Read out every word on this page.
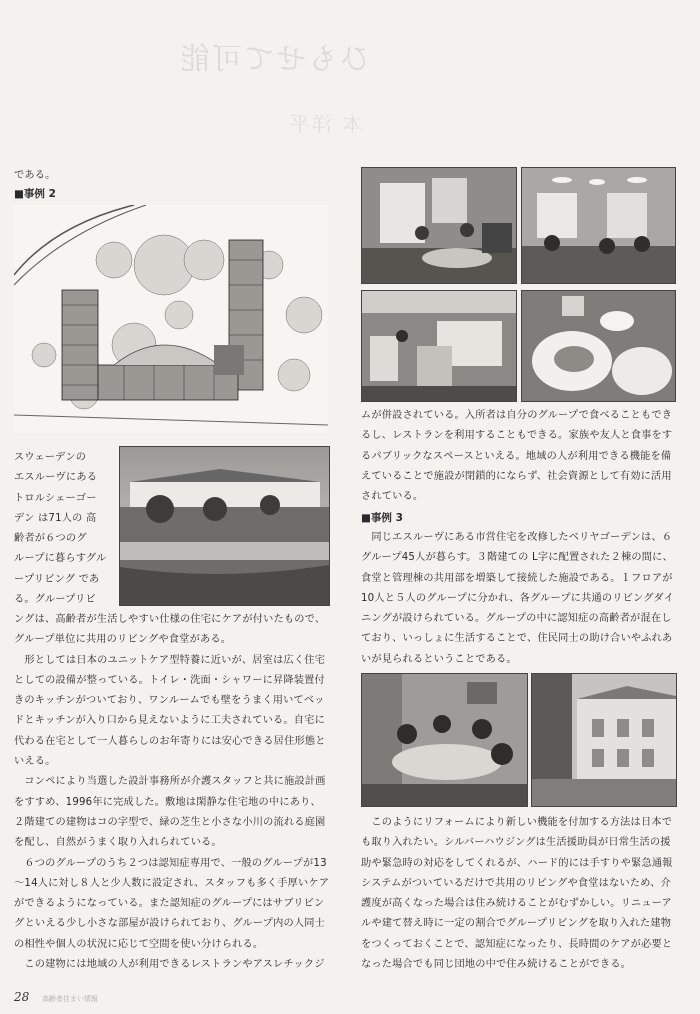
ひもせて可能
本 洋平
である。
■事例 2

スウェーデンの

エスルーヴにある

トロルシェーゴー

デン は71人の 高

齢者が６つのグ

ループに暮らすグル

ープリビング であ

る。グループリビ

ングは、高齢者が生活しやすい仕様の住宅にケアが付いたもので、

グループ単位に共用のリビングや食堂がある。

　形としては日本のユニットケア型特養に近いが、居室は広く住宅

としての設備が整っている。トイレ・洗面・シャワーに昇降装置付

きのキッチンがついており、ワンルームでも壁をうまく用いてベッ

ドとキッチンが入り口から見えないように工夫されている。自宅に

代わる在宅として一人暮らしのお年寄りには安心できる居住形態と

いえる。

　コンペにより当選した設計事務所が介護スタッフと共に施設計画

をすすめ、1996年に完成した。敷地は閑静な住宅地の中にあり、

２階建ての建物はコの字型で、緑の芝生と小さな小川の流れる庭園

を配し、自然がうまく取り入れられている。

　６つのグループのうち２つは認知症専用で、一般のグループが13

～14人に対し８人と少人数に設定され、スタッフも多く手厚いケア

ができるようになっている。また認知症のグループにはサブリビン

グといえる少し小さな部屋が設けられており、グループ内の人同士

の相性や個人の状況に応じて空間を使い分けられる。

　この建物には地域の人が利用できるレストランやアスレチックジ

ムが併設されている。入所者は自分のグループで食べることもでき

るし、レストランを利用することもできる。家族や友人と食事をす

るパブリックなスペースといえる。地域の人が利用できる機能を備

えていることで施設が閉鎖的にならず、社会資源として有効に活用

されている。

■事例 3

　同じエスルーヴにある市営住宅を改修したベリヤゴーデンは、６

グループ45人が暮らす。３階建ての L字に配置された２棟の間に、

食堂と管理棟の共用部を増築して接続した施設である。１フロアが

10人と５人のグループに分かれ、各グループに共通のリビングダイ

ニングが設けられている。グループの中に認知症の高齢者が混在し

ており、いっしょに生活することで、住民同士の助け合いやふれあ

いが見られるということである。

　このようにリフォームにより新しい機能を付加する方法は日本で

も取り入れたい。シルバーハウジングは生活援助員が日常生活の援

助や緊急時の対応をしてくれるが、ハード的には手すりや緊急通報

システムがついているだけで共用のリビングや食堂はないため、介

護度が高くなった場合は住み続けることがむずかしい。リニューア

ルや建て替え時に一定の割合でグループリビングを取り入れた建物

をつくっておくことで、認知症になったり、長時間のケアが必要と

なった場合でも同じ団地の中で住み続けることができる。

28 高齢者住まい情報
